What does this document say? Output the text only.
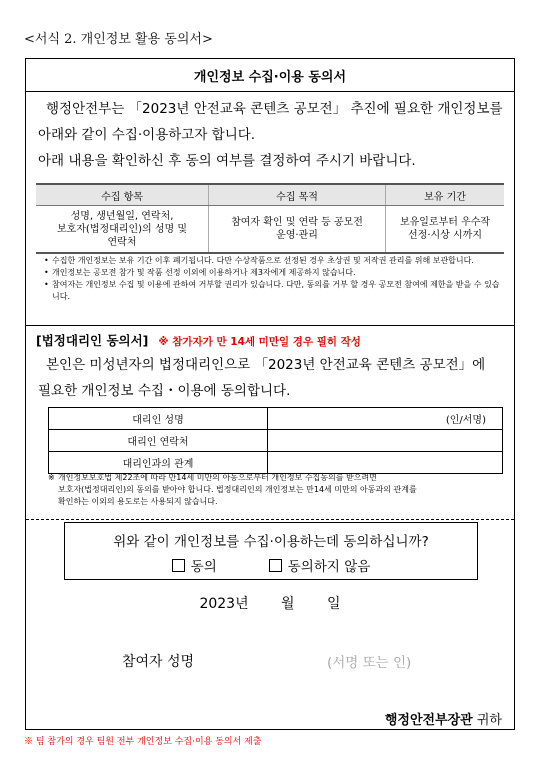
<서식 2. 개인정보 활용 동의서>
개인정보 수집·이용 동의서

행정안전부는 「2023년 안전교육 콘텐츠 공모전」 추진에 필요한 개인정보를

아래와 같이 수집·이용하고자 합니다.

아래 내용을 확인하신 후 동의 여부를 결정하여 주시기 바랍니다.

수집 항목	수집 목적	보유 기간
성명, 생년월일, 연락처,
보호자(법정대리인)의 성명 및
연락처	참여자 확인 및 연락 등 공모전
운영·관리	보유일로부터 우수작
선정·시상 시까지
• 수집한 개인정보는 보유 기간 이후 폐기됩니다. 다만 수상작품으로 선정된 경우 초상권 및 저작권 관리를 위해 보관합니다.
• 개인정보는 공모전 참가 및 작품 선정 이외에 이용하거나 제3자에게 제공하지 않습니다.
• 참여자는 개인정보 수집 및 이용에 관하여 거부할 권리가 있습니다. 다만, 동의를 거부 할 경우 공모전 참여에 제한을 받을 수 있습니다.
[법정대리인 동의서] ※ 참가자가 만 14세 미만일 경우 필히 작성

본인은 미성년자의 법정대리인으로 「2023년 안전교육 콘텐츠 공모전」에

필요한 개인정보 수집・이용에 동의합니다.

대리인 성명	(인/서명)
대리인 연락처	
대리인과의 관계	
※ 개인정보보호법 제22조에 따라 만14세 미만의 아동으로부터 개인정보 수집동의를 받으려면
보호자(법정대리인)의 동의를 받아야 합니다. 법정대리인의 개인정보는 만14세 미만의 아동과의 관계를
확인하는 이외의 용도로는 사용되지 않습니다.
위와 같이 개인정보를 수집·이용하는데 동의하십니까?
동의	동의하지 않음
2023년 월 일
참여자 성명	(서명 또는 인)
행정안전부장관 귀하
※ 팀 참가의 경우 팀원 전부 개인정보 수집·이용 동의서 제출
